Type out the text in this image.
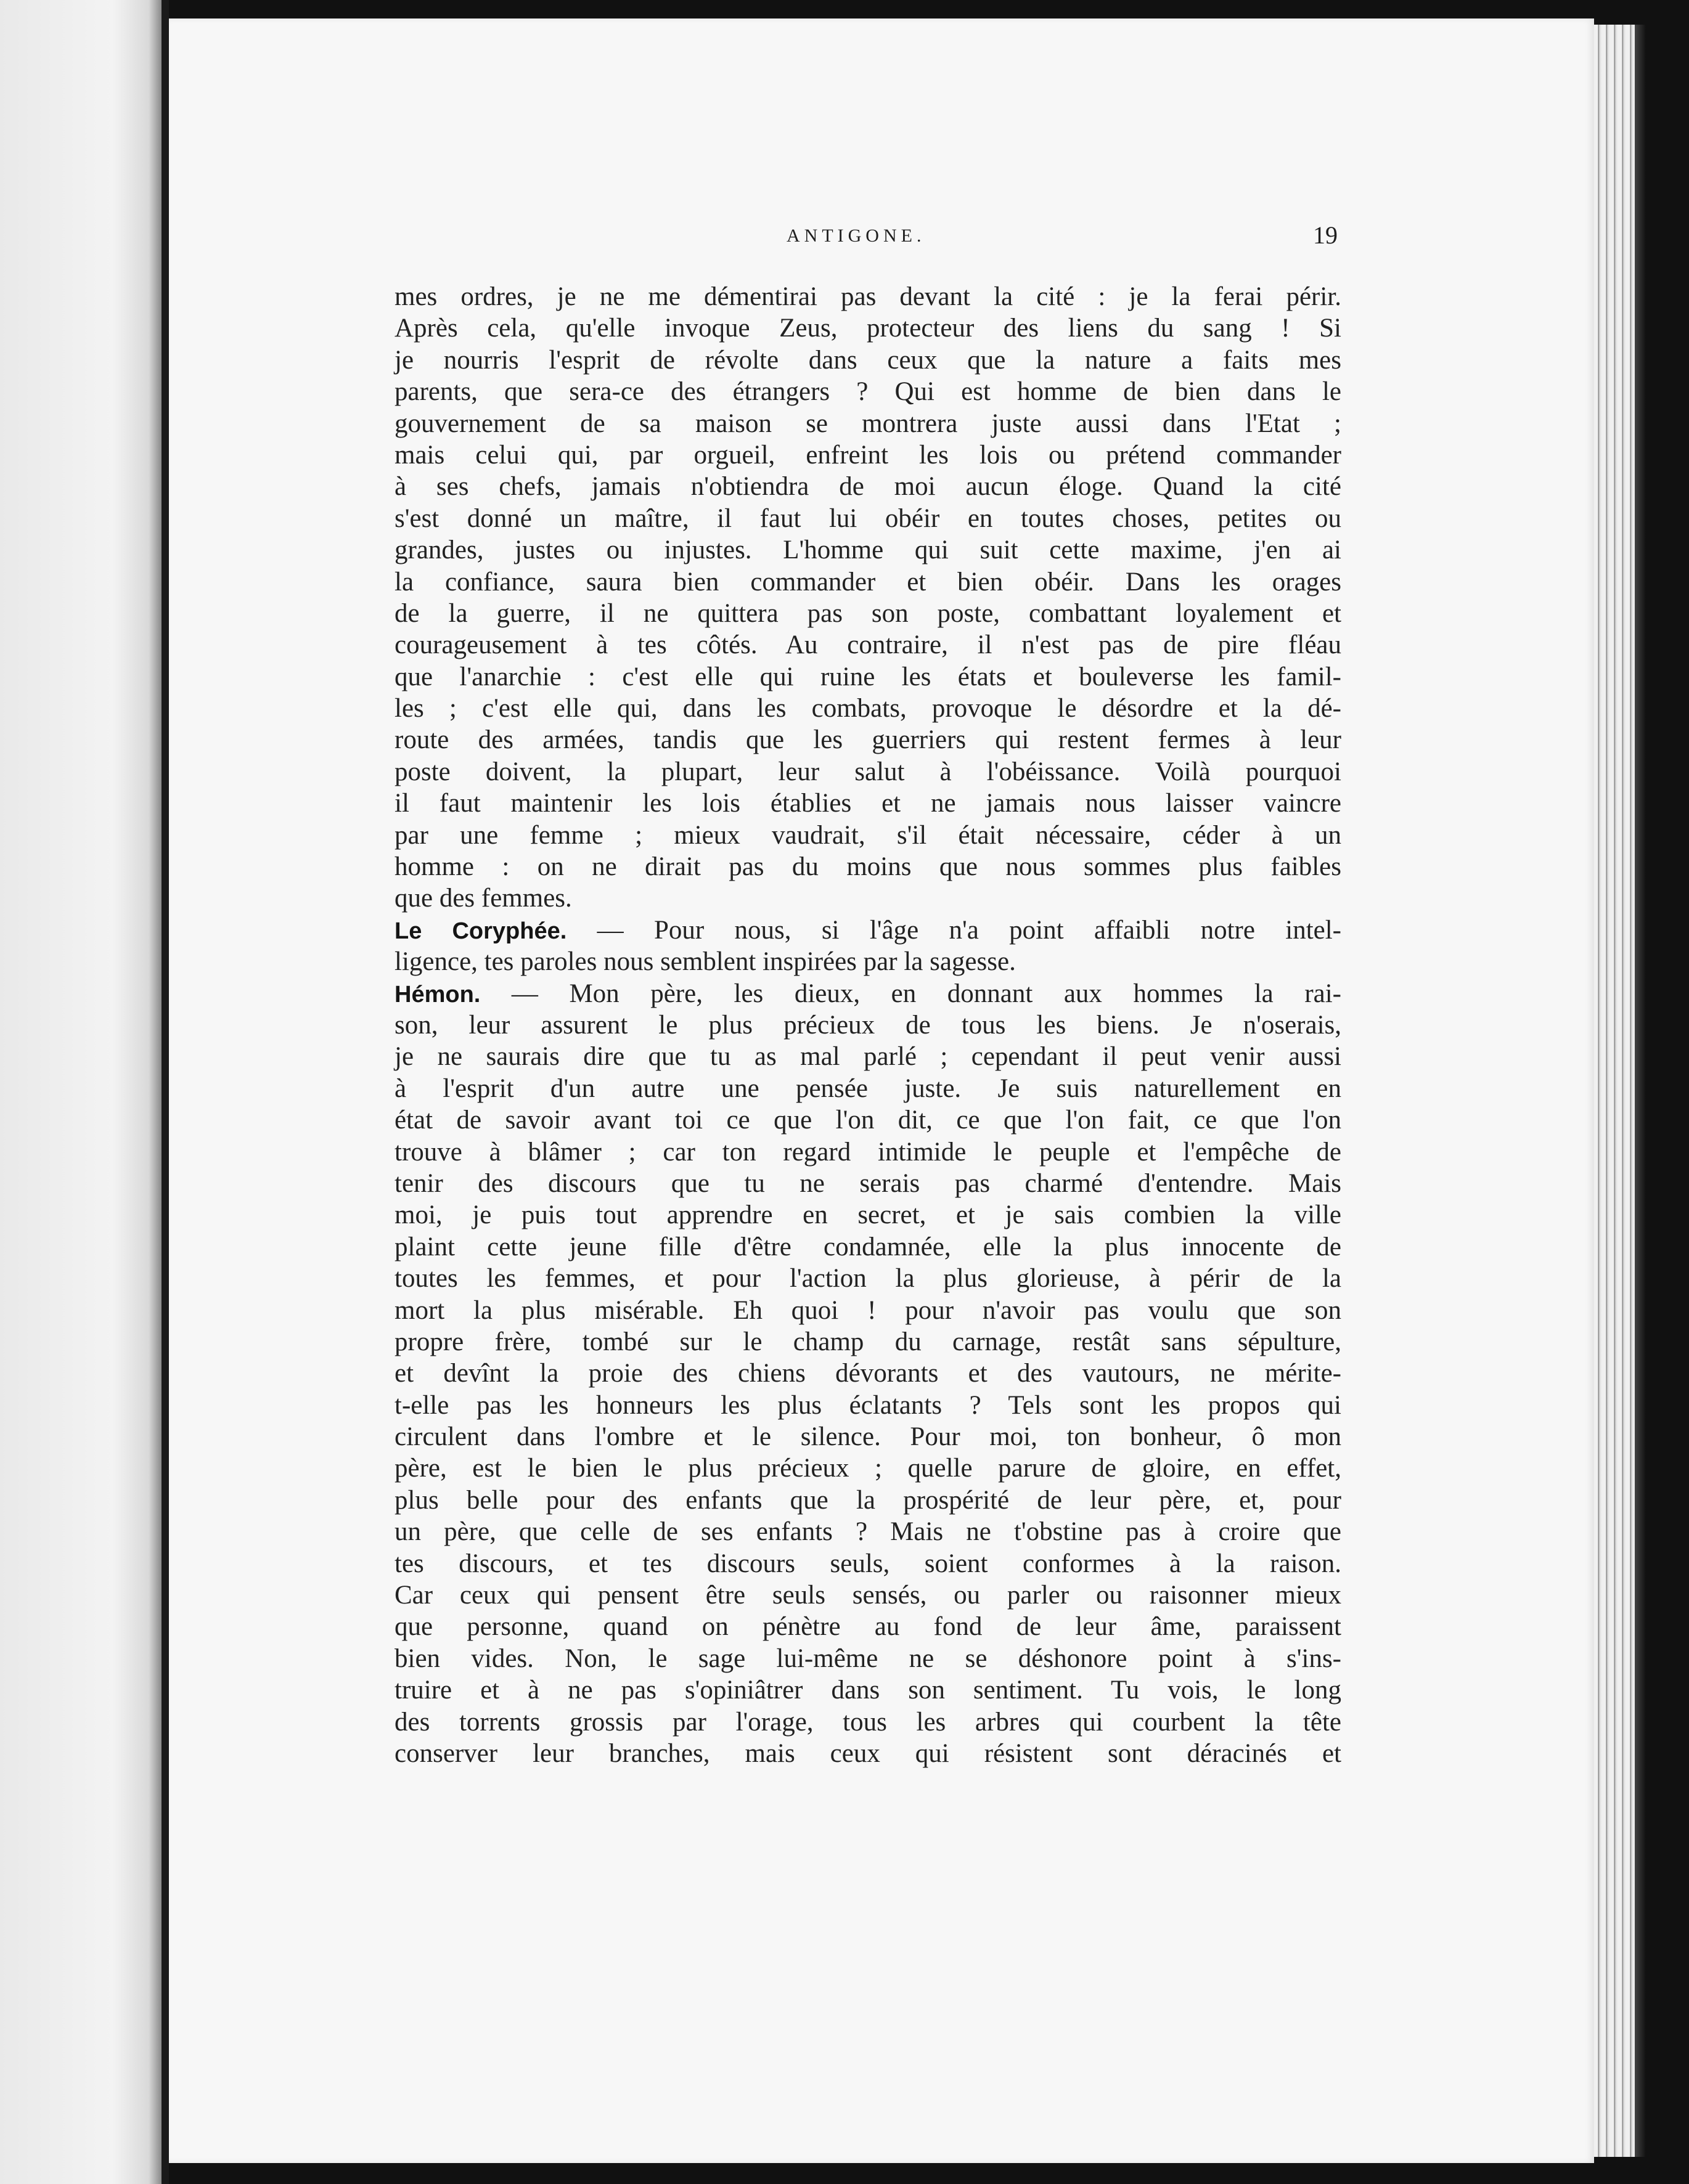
ANTIGONE.	19
mes ordres, je ne me démentirai pas devant la cité : je la ferai périr.
Après cela, qu'elle invoque Zeus, protecteur des liens du sang ! Si
je nourris l'esprit de révolte dans ceux que la nature a faits mes
parents, que sera-ce des étrangers ? Qui est homme de bien dans le
gouvernement de sa maison se montrera juste aussi dans l'Etat ;
mais celui qui, par orgueil, enfreint les lois ou prétend commander
à ses chefs, jamais n'obtiendra de moi aucun éloge. Quand la cité
s'est donné un maître, il faut lui obéir en toutes choses, petites ou
grandes, justes ou injustes. L'homme qui suit cette maxime, j'en ai
la confiance, saura bien commander et bien obéir. Dans les orages
de la guerre, il ne quittera pas son poste, combattant loyalement et
courageusement à tes côtés. Au contraire, il n'est pas de pire fléau
que l'anarchie : c'est elle qui ruine les états et bouleverse les famil-
les ; c'est elle qui, dans les combats, provoque le désordre et la dé-
route des armées, tandis que les guerriers qui restent fermes à leur
poste doivent, la plupart, leur salut à l'obéissance. Voilà pourquoi
il faut maintenir les lois établies et ne jamais nous laisser vaincre
par une femme ; mieux vaudrait, s'il était nécessaire, céder à un
homme : on ne dirait pas du moins que nous sommes plus faibles
que des femmes.
Le Coryphée. — Pour nous, si l'âge n'a point affaibli notre intel-
ligence, tes paroles nous semblent inspirées par la sagesse.
Hémon. — Mon père, les dieux, en donnant aux hommes la rai-
son, leur assurent le plus précieux de tous les biens. Je n'oserais,
je ne saurais dire que tu as mal parlé ; cependant il peut venir aussi
à l'esprit d'un autre une pensée juste. Je suis naturellement en
état de savoir avant toi ce que l'on dit, ce que l'on fait, ce que l'on
trouve à blâmer ; car ton regard intimide le peuple et l'empêche de
tenir des discours que tu ne serais pas charmé d'entendre. Mais
moi, je puis tout apprendre en secret, et je sais combien la ville
plaint cette jeune fille d'être condamnée, elle la plus innocente de
toutes les femmes, et pour l'action la plus glorieuse, à périr de la
mort la plus misérable. Eh quoi ! pour n'avoir pas voulu que son
propre frère, tombé sur le champ du carnage, restât sans sépulture,
et devînt la proie des chiens dévorants et des vautours, ne mérite-
t-elle pas les honneurs les plus éclatants ? Tels sont les propos qui
circulent dans l'ombre et le silence. Pour moi, ton bonheur, ô mon
père, est le bien le plus précieux ; quelle parure de gloire, en effet,
plus belle pour des enfants que la prospérité de leur père, et, pour
un père, que celle de ses enfants ? Mais ne t'obstine pas à croire que
tes discours, et tes discours seuls, soient conformes à la raison.
Car ceux qui pensent être seuls sensés, ou parler ou raisonner mieux
que personne, quand on pénètre au fond de leur âme, paraissent
bien vides. Non, le sage lui-même ne se déshonore point à s'ins-
truire et à ne pas s'opiniâtrer dans son sentiment. Tu vois, le long
des torrents grossis par l'orage, tous les arbres qui courbent la tête
conserver leur branches, mais ceux qui résistent sont déracinés et
